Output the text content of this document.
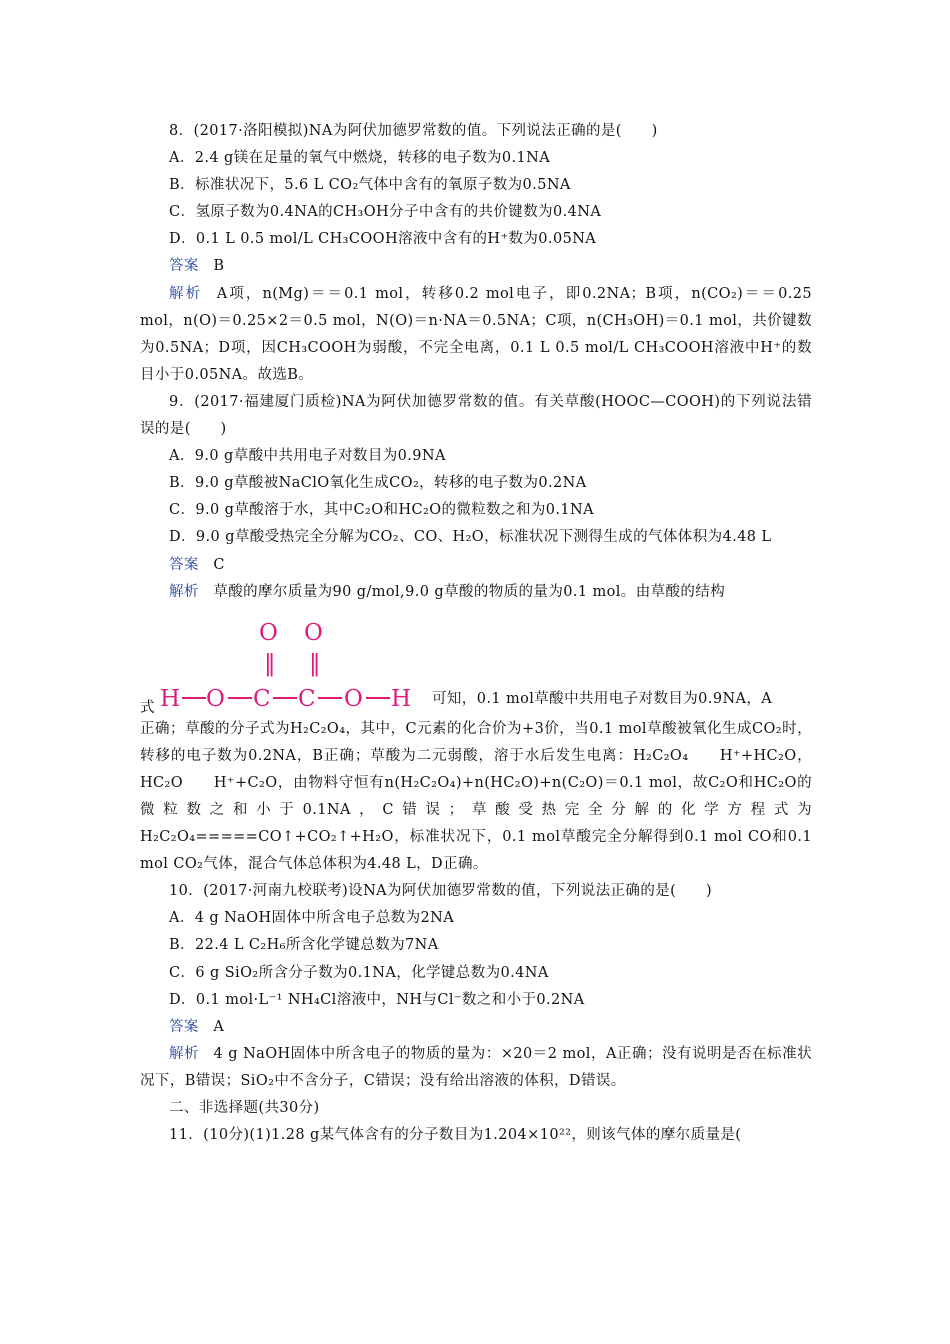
8．(2017·洛阳模拟)NA为阿伏加德罗常数的值。下列说法正确的是(　　)

A．2.4 g镁在足量的氧气中燃烧，转移的电子数为0.1NA

B．标准状况下，5.6 L CO₂气体中含有的氧原子数为0.5NA

C．氢原子数为0.4NA的CH₃OH分子中含有的共价键数为0.4NA

D．0.1 L 0.5 mol/L CH₃COOH溶液中含有的H⁺数为0.05NA

答案 B

解析 A项，n(Mg)＝＝0.1 mol，转移0.2 mol电子，即0.2NA；B项，n(CO₂)＝＝0.25 mol，n(O)＝0.25×2＝0.5 mol，N(O)＝n·NA＝0.5NA；C项，n(CH₃OH)＝0.1 mol，共价键数为0.5NA；D项，因CH₃COOH为弱酸，不完全电离，0.1 L 0.5 mol/L CH₃COOH溶液中H⁺的数目小于0.05NA。故选B。

9．(2017·福建厦门质检)NA为阿伏加德罗常数的值。有关草酸(HOOC—COOH)的下列说法错误的是(　　)

A．9.0 g草酸中共用电子对数目为0.9NA

B．9.0 g草酸被NaClO氧化生成CO₂，转移的电子数为0.2NA

C．9.0 g草酸溶于水，其中C₂O和HC₂O的微粒数之和为0.1NA

D．9.0 g草酸受热完全分解为CO₂、CO、H₂O，标准状况下测得生成的气体体积为4.48 L

答案 C

解析 草酸的摩尔质量为90 g/mol,9.0 g草酸的物质的量为0.1 mol。由草酸的结构

式 H O C C O H
O O
‖ ‖
可知，0.1 mol草酸中共用电子对数目为0.9NA，A

正确；草酸的分子式为H₂C₂O₄，其中，C元素的化合价为+3价，当0.1 mol草酸被氧化生成CO₂时，转移的电子数为0.2NA，B正确；草酸为二元弱酸，溶于水后发生电离：H₂C₂O₄　　H⁺+HC₂O，HC₂O　　H⁺+C₂O，由物料守恒有n(H₂C₂O₄)+n(HC₂O)+n(C₂O)＝0.1 mol，故C₂O和HC₂O的微粒数之和小于0.1NA，C错误；草酸受热完全分解的化学方程式为H₂C₂O₄=====CO↑+CO₂↑+H₂O，标准状况下，0.1 mol草酸完全分解得到0.1 mol CO和0.1 mol CO₂气体，混合气体总体积为4.48 L，D正确。

10．(2017·河南九校联考)设NA为阿伏加德罗常数的值，下列说法正确的是(　　)

A．4 g NaOH固体中所含电子总数为2NA

B．22.4 L C₂H₆所含化学键总数为7NA

C．6 g SiO₂所含分子数为0.1NA，化学键总数为0.4NA

D．0.1 mol·L⁻¹ NH₄Cl溶液中，NH与Cl⁻数之和小于0.2NA

答案 A

解析 4 g NaOH固体中所含电子的物质的量为：×20＝2 mol，A正确；没有说明是否在标准状况下，B错误；SiO₂中不含分子，C错误；没有给出溶液的体积，D错误。

二、非选择题(共30分)

11．(10分)(1)1.28 g某气体含有的分子数目为1.204×10²²，则该气体的摩尔质量是(
